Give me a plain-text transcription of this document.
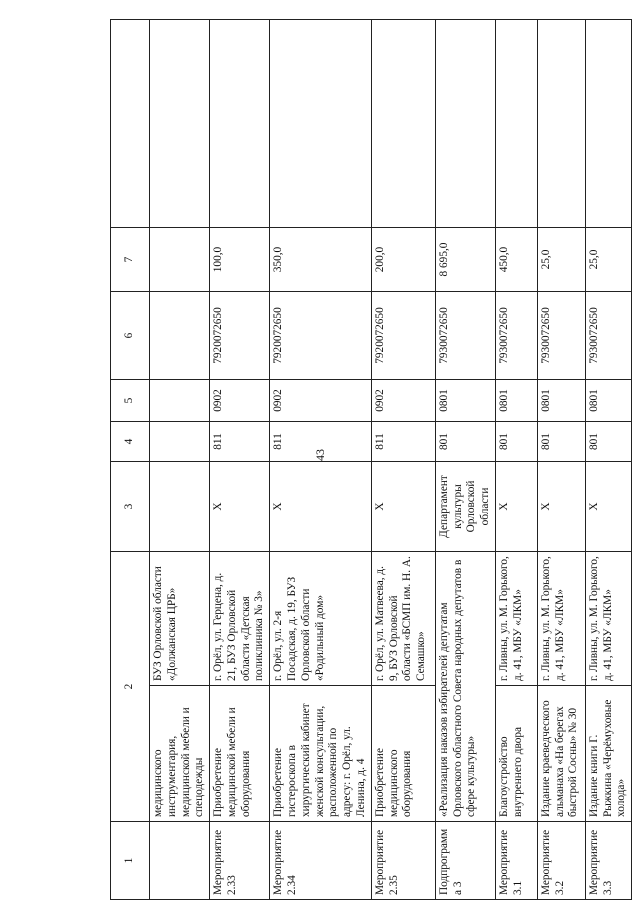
43
1	2		3	4	5	6	7	
	медицинского инструментария, медицинской мебели и спецодежды	БУЗ Орловской области «Должанская ЦРБ»						
Мероприятие 2.33	Приобретение медицинской мебели и оборудования	г. Орёл, ул. Герцена, д. 21, БУЗ Орловской области «Детская поликлиника № 3»	Х	811	0902	7920072650	100,0	
Мероприятие 2.34	Приобретение гистероскопа в хирургический кабинет женской консультации, расположенной по адресу: г. Орёл, ул. Ленина, д. 4	г. Орёл, ул. 2-я Посадская, д. 19, БУЗ Орловской области «Родильный дом»	Х	811	0902	7920072650	350,0	
Мероприятие 2.35	Приобретение медицинского оборудования	г. Орёл, ул. Матвеева, д. 9, БУЗ Орловской области «БСМП им. Н. А. Семашко»	Х	811	0902	7920072650	200,0	
Подпрограмма 3	«Реализация наказов избирателей депутатам Орловского областного Совета народных депутатов в сфере культуры»		Департамент культуры Орловской области	801	0801	7930072650	8 695,0	
Мероприятие 3.1	Благоустройство внутреннего двора	г. Ливны, ул. М. Горького, д. 41, МБУ «ЛКМ»	Х	801	0801	7930072650	450,0	
Мероприятие 3.2	Издание краеведческого альманаха «На берегах быстрой Сосны» № 30	г. Ливны, ул. М. Горького, д. 41, МБУ «ЛКМ»	Х	801	0801	7930072650	25,0	
Мероприятие 3.3	Издание книги Г. Рыжкина «Черёмуховые холода»	г. Ливны, ул. М. Горького, д. 41, МБУ «ЛКМ»	Х	801	0801	7930072650	25,0	
